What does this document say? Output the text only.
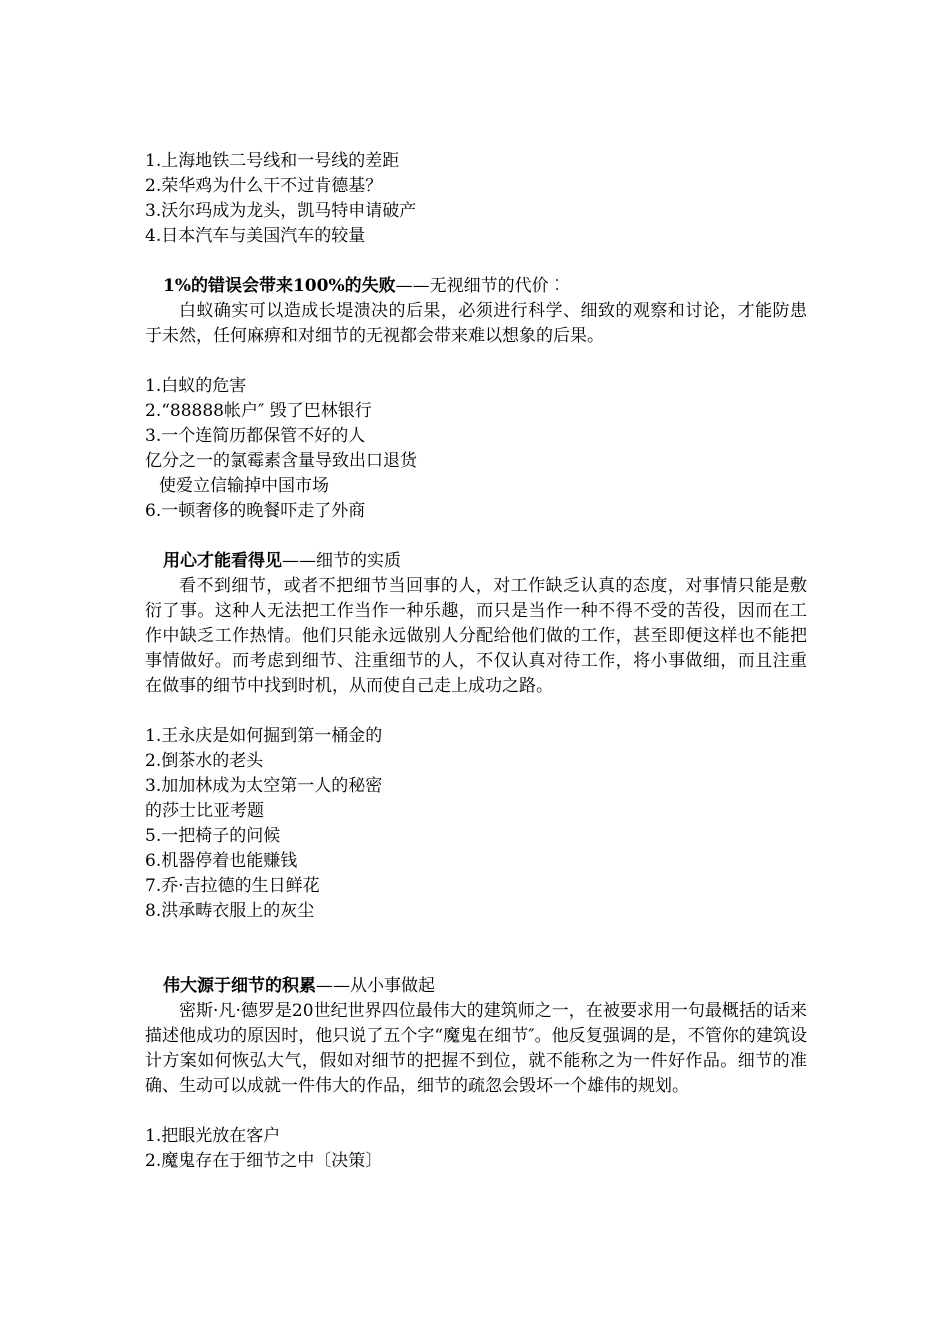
1.上海地铁二号线和一号线的差距
2.荣华鸡为什么干不过肯德基？
3.沃尔玛成为龙头，凯马特申请破产
4.日本汽车与美国汽车的较量
1%的错误会带来100%的失败——无视细节的代价︰

白蚁确实可以造成长堤溃决的后果，必须进行科学、细致的观察和讨论，才能防患于未然，任何麻痹和对细节的无视都会带来难以想象的后果。

1.白蚁的危害
2.“88888帐户″ 毁了巴林银行
3.一个连简历都保管不好的人
亿分之一的氯霉素含量导致出口退货
使爱立信输掉中国市场
6.一顿奢侈的晚餐吓走了外商
用心才能看得见——细节的实质

看不到细节，或者不把细节当回事的人，对工作缺乏认真的态度，对事情只能是敷衍了事。这种人无法把工作当作一种乐趣，而只是当作一种不得不受的苦役，因而在工作中缺乏工作热情。他们只能永远做别人分配给他们做的工作，甚至即便这样也不能把事情做好。而考虑到细节、注重细节的人，不仅认真对待工作，将小事做细，而且注重在做事的细节中找到时机，从而使自己走上成功之路。

1.王永庆是如何掘到第一桶金的
2.倒茶水的老头
3.加加林成为太空第一人的秘密
的莎士比亚考题
5.一把椅子的问候
6.机器停着也能赚钱
7.乔·吉拉德的生日鲜花
8.洪承畴衣服上的灰尘
伟大源于细节的积累——从小事做起

密斯·凡·德罗是20世纪世界四位最伟大的建筑师之一，在被要求用一句最概括的话来描述他成功的原因时，他只说了五个字“魔鬼在细节″。他反复强调的是，不管你的建筑设计方案如何恢弘大气，假如对细节的把握不到位，就不能称之为一件好作品。细节的准确、生动可以成就一件伟大的作品，细节的疏忽会毁坏一个雄伟的规划。

1.把眼光放在客户
2.魔鬼存在于细节之中〔决策〕
